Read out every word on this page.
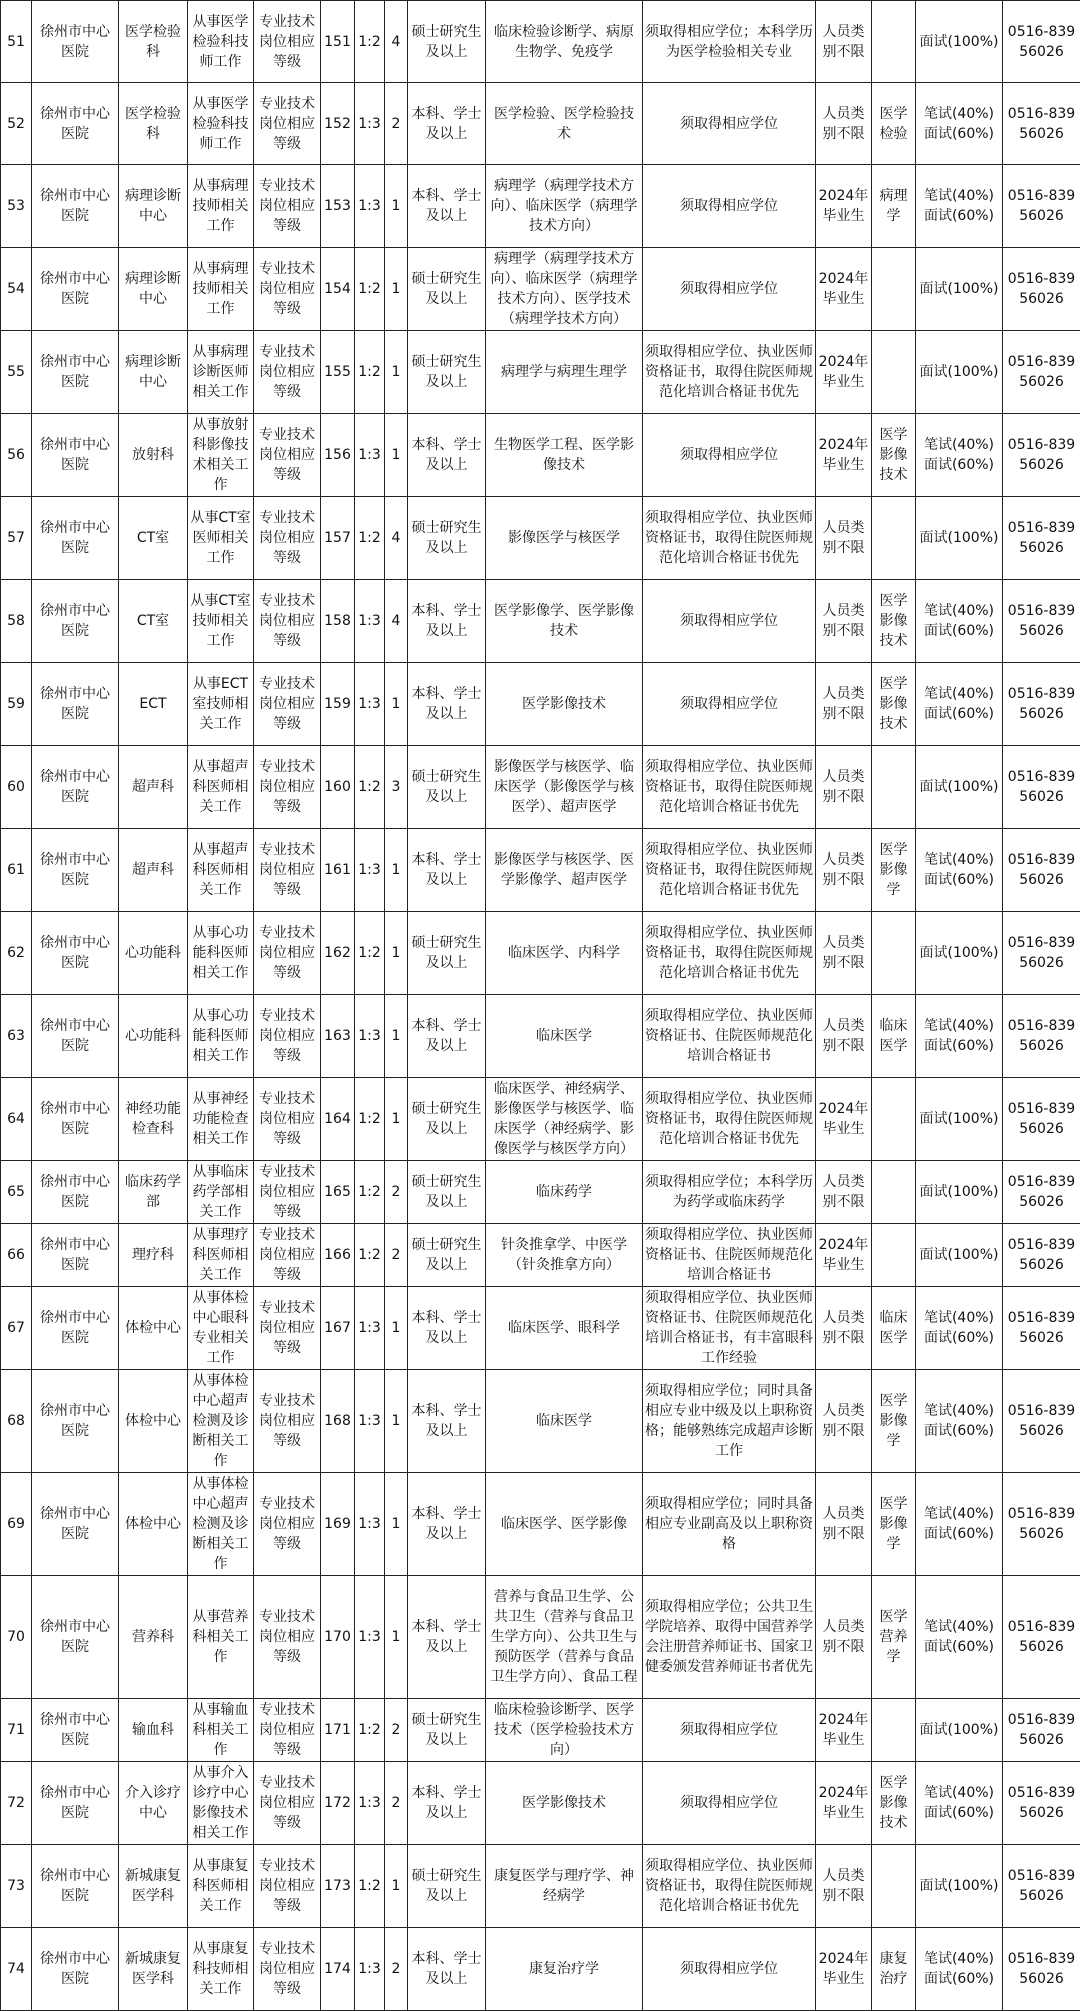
51	徐州市中心医院	医学检验科	从事医学检验科技师工作	专业技术岗位相应等级	151	1:2	4	硕士研究生及以上	临床检验诊断学、病原生物学、免疫学	须取得相应学位；本科学历为医学检验相关专业	人员类别不限		面试(100%)	0516-83956026
52	徐州市中心医院	医学检验科	从事医学检验科技师工作	专业技术岗位相应等级	152	1:3	2	本科、学士及以上	医学检验、医学检验技术	须取得相应学位	人员类别不限	医学检验	笔试(40%)面试(60%)	0516-83956026
53	徐州市中心医院	病理诊断中心	从事病理技师相关工作	专业技术岗位相应等级	153	1:3	1	本科、学士及以上	病理学（病理学技术方向）、临床医学（病理学技术方向）	须取得相应学位	2024年毕业生	病理学	笔试(40%)面试(60%)	0516-83956026
54	徐州市中心医院	病理诊断中心	从事病理技师相关工作	专业技术岗位相应等级	154	1:2	1	硕士研究生及以上	病理学（病理学技术方向）、临床医学（病理学技术方向）、医学技术（病理学技术方向）	须取得相应学位	2024年毕业生		面试(100%)	0516-83956026
55	徐州市中心医院	病理诊断中心	从事病理诊断医师相关工作	专业技术岗位相应等级	155	1:2	1	硕士研究生及以上	病理学与病理生理学	须取得相应学位、执业医师资格证书，取得住院医师规范化培训合格证书优先	2024年毕业生		面试(100%)	0516-83956026
56	徐州市中心医院	放射科	从事放射科影像技术相关工作	专业技术岗位相应等级	156	1:3	1	本科、学士及以上	生物医学工程、医学影像技术	须取得相应学位	2024年毕业生	医学影像技术	笔试(40%)面试(60%)	0516-83956026
57	徐州市中心医院	CT室	从事CT室医师相关工作	专业技术岗位相应等级	157	1:2	4	硕士研究生及以上	影像医学与核医学	须取得相应学位、执业医师资格证书，取得住院医师规范化培训合格证书优先	人员类别不限		面试(100%)	0516-83956026
58	徐州市中心医院	CT室	从事CT室技师相关工作	专业技术岗位相应等级	158	1:3	4	本科、学士及以上	医学影像学、医学影像技术	须取得相应学位	人员类别不限	医学影像技术	笔试(40%)面试(60%)	0516-83956026
59	徐州市中心医院	ECT	从事ECT室技师相关工作	专业技术岗位相应等级	159	1:3	1	本科、学士及以上	医学影像技术	须取得相应学位	人员类别不限	医学影像技术	笔试(40%)面试(60%)	0516-83956026
60	徐州市中心医院	超声科	从事超声科医师相关工作	专业技术岗位相应等级	160	1:2	3	硕士研究生及以上	影像医学与核医学、临床医学（影像医学与核医学）、超声医学	须取得相应学位、执业医师资格证书，取得住院医师规范化培训合格证书优先	人员类别不限		面试(100%)	0516-83956026
61	徐州市中心医院	超声科	从事超声科医师相关工作	专业技术岗位相应等级	161	1:3	1	本科、学士及以上	影像医学与核医学、医学影像学、超声医学	须取得相应学位、执业医师资格证书，取得住院医师规范化培训合格证书优先	人员类别不限	医学影像学	笔试(40%)面试(60%)	0516-83956026
62	徐州市中心医院	心功能科	从事心功能科医师相关工作	专业技术岗位相应等级	162	1:2	1	硕士研究生及以上	临床医学、内科学	须取得相应学位、执业医师资格证书，取得住院医师规范化培训合格证书优先	人员类别不限		面试(100%)	0516-83956026
63	徐州市中心医院	心功能科	从事心功能科医师相关工作	专业技术岗位相应等级	163	1:3	1	本科、学士及以上	临床医学	须取得相应学位、执业医师资格证书、住院医师规范化培训合格证书	人员类别不限	临床医学	笔试(40%)面试(60%)	0516-83956026
64	徐州市中心医院	神经功能检查科	从事神经功能检查相关工作	专业技术岗位相应等级	164	1:2	1	硕士研究生及以上	临床医学、神经病学、影像医学与核医学、临床医学（神经病学、影像医学与核医学方向）	须取得相应学位、执业医师资格证书，取得住院医师规范化培训合格证书优先	2024年毕业生		面试(100%)	0516-83956026
65	徐州市中心医院	临床药学部	从事临床药学部相关工作	专业技术岗位相应等级	165	1:2	2	硕士研究生及以上	临床药学	须取得相应学位；本科学历为药学或临床药学	人员类别不限		面试(100%)	0516-83956026
66	徐州市中心医院	理疗科	从事理疗科医师相关工作	专业技术岗位相应等级	166	1:2	2	硕士研究生及以上	针灸推拿学、中医学（针灸推拿方向）	须取得相应学位、执业医师资格证书、住院医师规范化培训合格证书	2024年毕业生		面试(100%)	0516-83956026
67	徐州市中心医院	体检中心	从事体检中心眼科专业相关工作	专业技术岗位相应等级	167	1:3	1	本科、学士及以上	临床医学、眼科学	须取得相应学位、执业医师资格证书、住院医师规范化培训合格证书，有丰富眼科工作经验	人员类别不限	临床医学	笔试(40%)面试(60%)	0516-83956026
68	徐州市中心医院	体检中心	从事体检中心超声检测及诊断相关工作	专业技术岗位相应等级	168	1:3	1	本科、学士及以上	临床医学	须取得相应学位；同时具备相应专业中级及以上职称资格；能够熟练完成超声诊断工作	人员类别不限	医学影像学	笔试(40%)面试(60%)	0516-83956026
69	徐州市中心医院	体检中心	从事体检中心超声检测及诊断相关工作	专业技术岗位相应等级	169	1:3	1	本科、学士及以上	临床医学、医学影像	须取得相应学位；同时具备相应专业副高及以上职称资格	人员类别不限	医学影像学	笔试(40%)面试(60%)	0516-83956026
70	徐州市中心医院	营养科	从事营养科相关工作	专业技术岗位相应等级	170	1:3	1	本科、学士及以上	营养与食品卫生学、公共卫生（营养与食品卫生学方向）、公共卫生与预防医学（营养与食品卫生学方向）、食品工程	须取得相应学位；公共卫生学院培养、取得中国营养学会注册营养师证书、国家卫健委颁发营养师证书者优先	人员类别不限	医学营养学	笔试(40%)面试(60%)	0516-83956026
71	徐州市中心医院	输血科	从事输血科相关工作	专业技术岗位相应等级	171	1:2	2	硕士研究生及以上	临床检验诊断学、医学技术（医学检验技术方向）	须取得相应学位	2024年毕业生		面试(100%)	0516-83956026
72	徐州市中心医院	介入诊疗中心	从事介入诊疗中心影像技术相关工作	专业技术岗位相应等级	172	1:3	2	本科、学士及以上	医学影像技术	须取得相应学位	2024年毕业生	医学影像技术	笔试(40%)面试(60%)	0516-83956026
73	徐州市中心医院	新城康复医学科	从事康复科医师相关工作	专业技术岗位相应等级	173	1:2	1	硕士研究生及以上	康复医学与理疗学、神经病学	须取得相应学位、执业医师资格证书，取得住院医师规范化培训合格证书优先	人员类别不限		面试(100%)	0516-83956026
74	徐州市中心医院	新城康复医学科	从事康复科技师相关工作	专业技术岗位相应等级	174	1:3	2	本科、学士及以上	康复治疗学	须取得相应学位	2024年毕业生	康复治疗	笔试(40%)面试(60%)	0516-83956026
